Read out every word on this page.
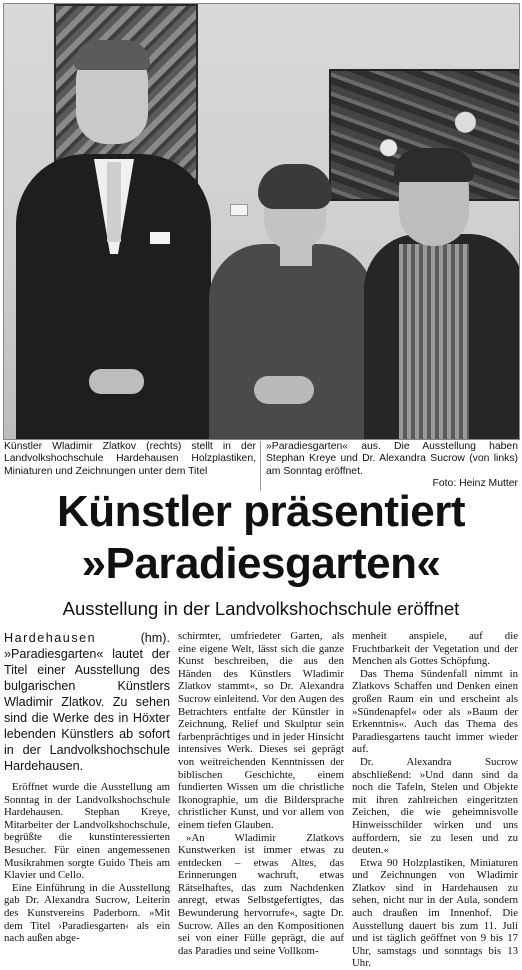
Künstler Wladimir Zlatkov (rechts) stellt in der Landvolkshochschule Hardehausen Holzplastiken, Miniaturen und Zeichnungen unter dem Titel
»Paradiesgarten« aus. Die Ausstellung haben Stephan Kreye und Dr. Alexandra Sucrow (von links) am Sonntag eröffnet.
Foto: Heinz Mutter
Künstler präsentiert
»Paradiesgarten«
Ausstellung in der Landvolkshochschule eröffnet

Hardehausen	(hm). »Paradiesgarten« lautet der Titel einer Ausstellung des bulgarischen Künstlers Wladimir Zlatkov. Zu sehen sind die Werke des in Höxter lebenden Künstlers ab sofort in der Landvolkshochschule Hardehausen.

Eröffnet wurde die Ausstellung am Sonntag in der Landvolkshochschule Hardehausen. Stephan Kreye, Mitarbeiter der Landvolkshochschule, begrüßte die kunstinteressierten Besucher. Für einen angemessenen Musikrahmen sorgte Guido Theis am Klavier und Cello.

Eine Einführung in die Ausstellung gab Dr. Alexandra Sucrow, Leiterin des Kunstvereins Paderborn. »Mit dem Titel ›Paradiesgarten‹ als ein nach außen abge-

schirmter, umfriedeter Garten, als eine eigene Welt, lässt sich die ganze Kunst beschreiben, die aus den Händen des Künstlers Wladimir Zlatkov stammt«, so Dr. Alexandra Sucrow einleitend. Vor den Augen des Betrachters entfalte der Künstler in Zeichnung, Relief und Skulptur sein farbenprächtiges und in jeder Hinsicht intensives Werk. Dieses sei geprägt von weitreichenden Kenntnissen der biblischen Geschichte, einem fundierten Wissen um die christliche Ikonographie, um die Bildersprache christlicher Kunst, und vor allem von einem tiefen Glauben.

»An Wladimir Zlatkovs Kunstwerken ist immer etwas zu entdecken – etwas Altes, das Erinnerungen wachruft, etwas Rätselhaftes, das zum Nachdenken anregt, etwas Selbstgefertigtes, das Bewunderung hervorrufe«, sagte Dr. Sucrow. Alles an den Kompositionen sei von einer Fülle geprägt, die auf das Paradies und seine Vollkom-

menheit anspiele, auf die Fruchtbarkeit der Vegetation und der Menchen als Gottes Schöpfung.

Das Thema Sündenfall nimmt in Zlatkovs Schaffen und Denken einen großen Raum ein und erscheint als »Sündenapfel« oder als »Baum der Erkenntnis«. Auch das Thema des Paradiesgartens taucht immer wieder auf.

Dr. Alexandra Sucrow abschließend: »Und dann sind da noch die Tafeln, Stelen und Objekte mit ihren zahlreichen eingeritzten Zeichen, die wie geheimnisvolle Hinweisschilder wirken und uns auffordern, sie zu lesen und zu deuten.«

Etwa 90 Holzplastiken, Miniaturen und Zeichnungen von Wladimir Zlatkov sind in Hardehausen zu sehen, nicht nur in der Aula, sondern auch draußen im Innenhof. Die Ausstellung dauert bis zum 11. Juli und ist täglich geöffnet von 9 bis 17 Uhr, samstags und sonntags bis 13 Uhr.
